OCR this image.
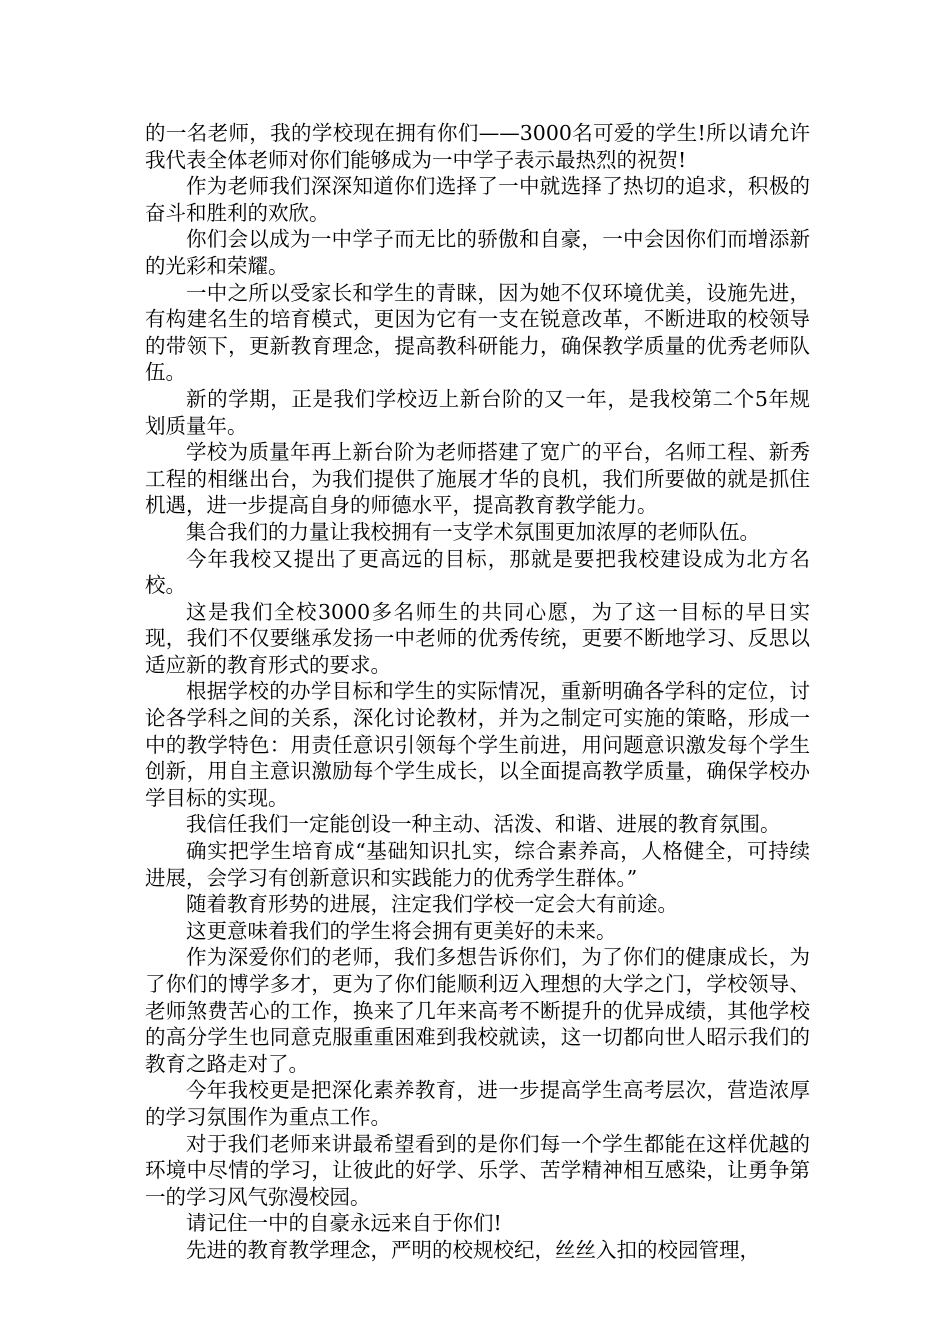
的一名老师，我的学校现在拥有你们——3000名可爱的学生!所以请允许我代表全体老师对你们能够成为一中学子表示最热烈的祝贺!

作为老师我们深深知道你们选择了一中就选择了热切的追求，积极的奋斗和胜利的欢欣。

你们会以成为一中学子而无比的骄傲和自豪，一中会因你们而增添新的光彩和荣耀。

一中之所以受家长和学生的青睐，因为她不仅环境优美，设施先进，有构建名生的培育模式，更因为它有一支在锐意改革，不断进取的校领导的带领下，更新教育理念，提高教科研能力，确保教学质量的优秀老师队伍。

新的学期，正是我们学校迈上新台阶的又一年，是我校第二个5年规划质量年。

学校为质量年再上新台阶为老师搭建了宽广的平台，名师工程、新秀工程的相继出台，为我们提供了施展才华的良机，我们所要做的就是抓住机遇，进一步提高自身的师德水平，提高教育教学能力。

集合我们的力量让我校拥有一支学术氛围更加浓厚的老师队伍。

今年我校又提出了更高远的目标，那就是要把我校建设成为北方名校。

这是我们全校3000多名师生的共同心愿，为了这一目标的早日实现，我们不仅要继承发扬一中老师的优秀传统，更要不断地学习、反思以适应新的教育形式的要求。

根据学校的办学目标和学生的实际情况，重新明确各学科的定位，讨论各学科之间的关系，深化讨论教材，并为之制定可实施的策略，形成一中的教学特色：用责任意识引领每个学生前进，用问题意识激发每个学生创新，用自主意识激励每个学生成长，以全面提高教学质量，确保学校办学目标的实现。

我信任我们一定能创设一种主动、活泼、和谐、进展的教育氛围。

确实把学生培育成“基础知识扎实，综合素养高，人格健全，可持续进展，会学习有创新意识和实践能力的优秀学生群体。”

随着教育形势的进展，注定我们学校一定会大有前途。

这更意味着我们的学生将会拥有更美好的未来。

作为深爱你们的老师，我们多想告诉你们，为了你们的健康成长，为了你们的博学多才，更为了你们能顺利迈入理想的大学之门，学校领导、老师煞费苦心的工作，换来了几年来高考不断提升的优异成绩，其他学校的高分学生也同意克服重重困难到我校就读，这一切都向世人昭示我们的教育之路走对了。

今年我校更是把深化素养教育，进一步提高学生高考层次，营造浓厚的学习氛围作为重点工作。

对于我们老师来讲最希望看到的是你们每一个学生都能在这样优越的环境中尽情的学习，让彼此的好学、乐学、苦学精神相互感染，让勇争第一的学习风气弥漫校园。

请记住一中的自豪永远来自于你们!

先进的教育教学理念，严明的校规校纪，丝丝入扣的校园管理，
